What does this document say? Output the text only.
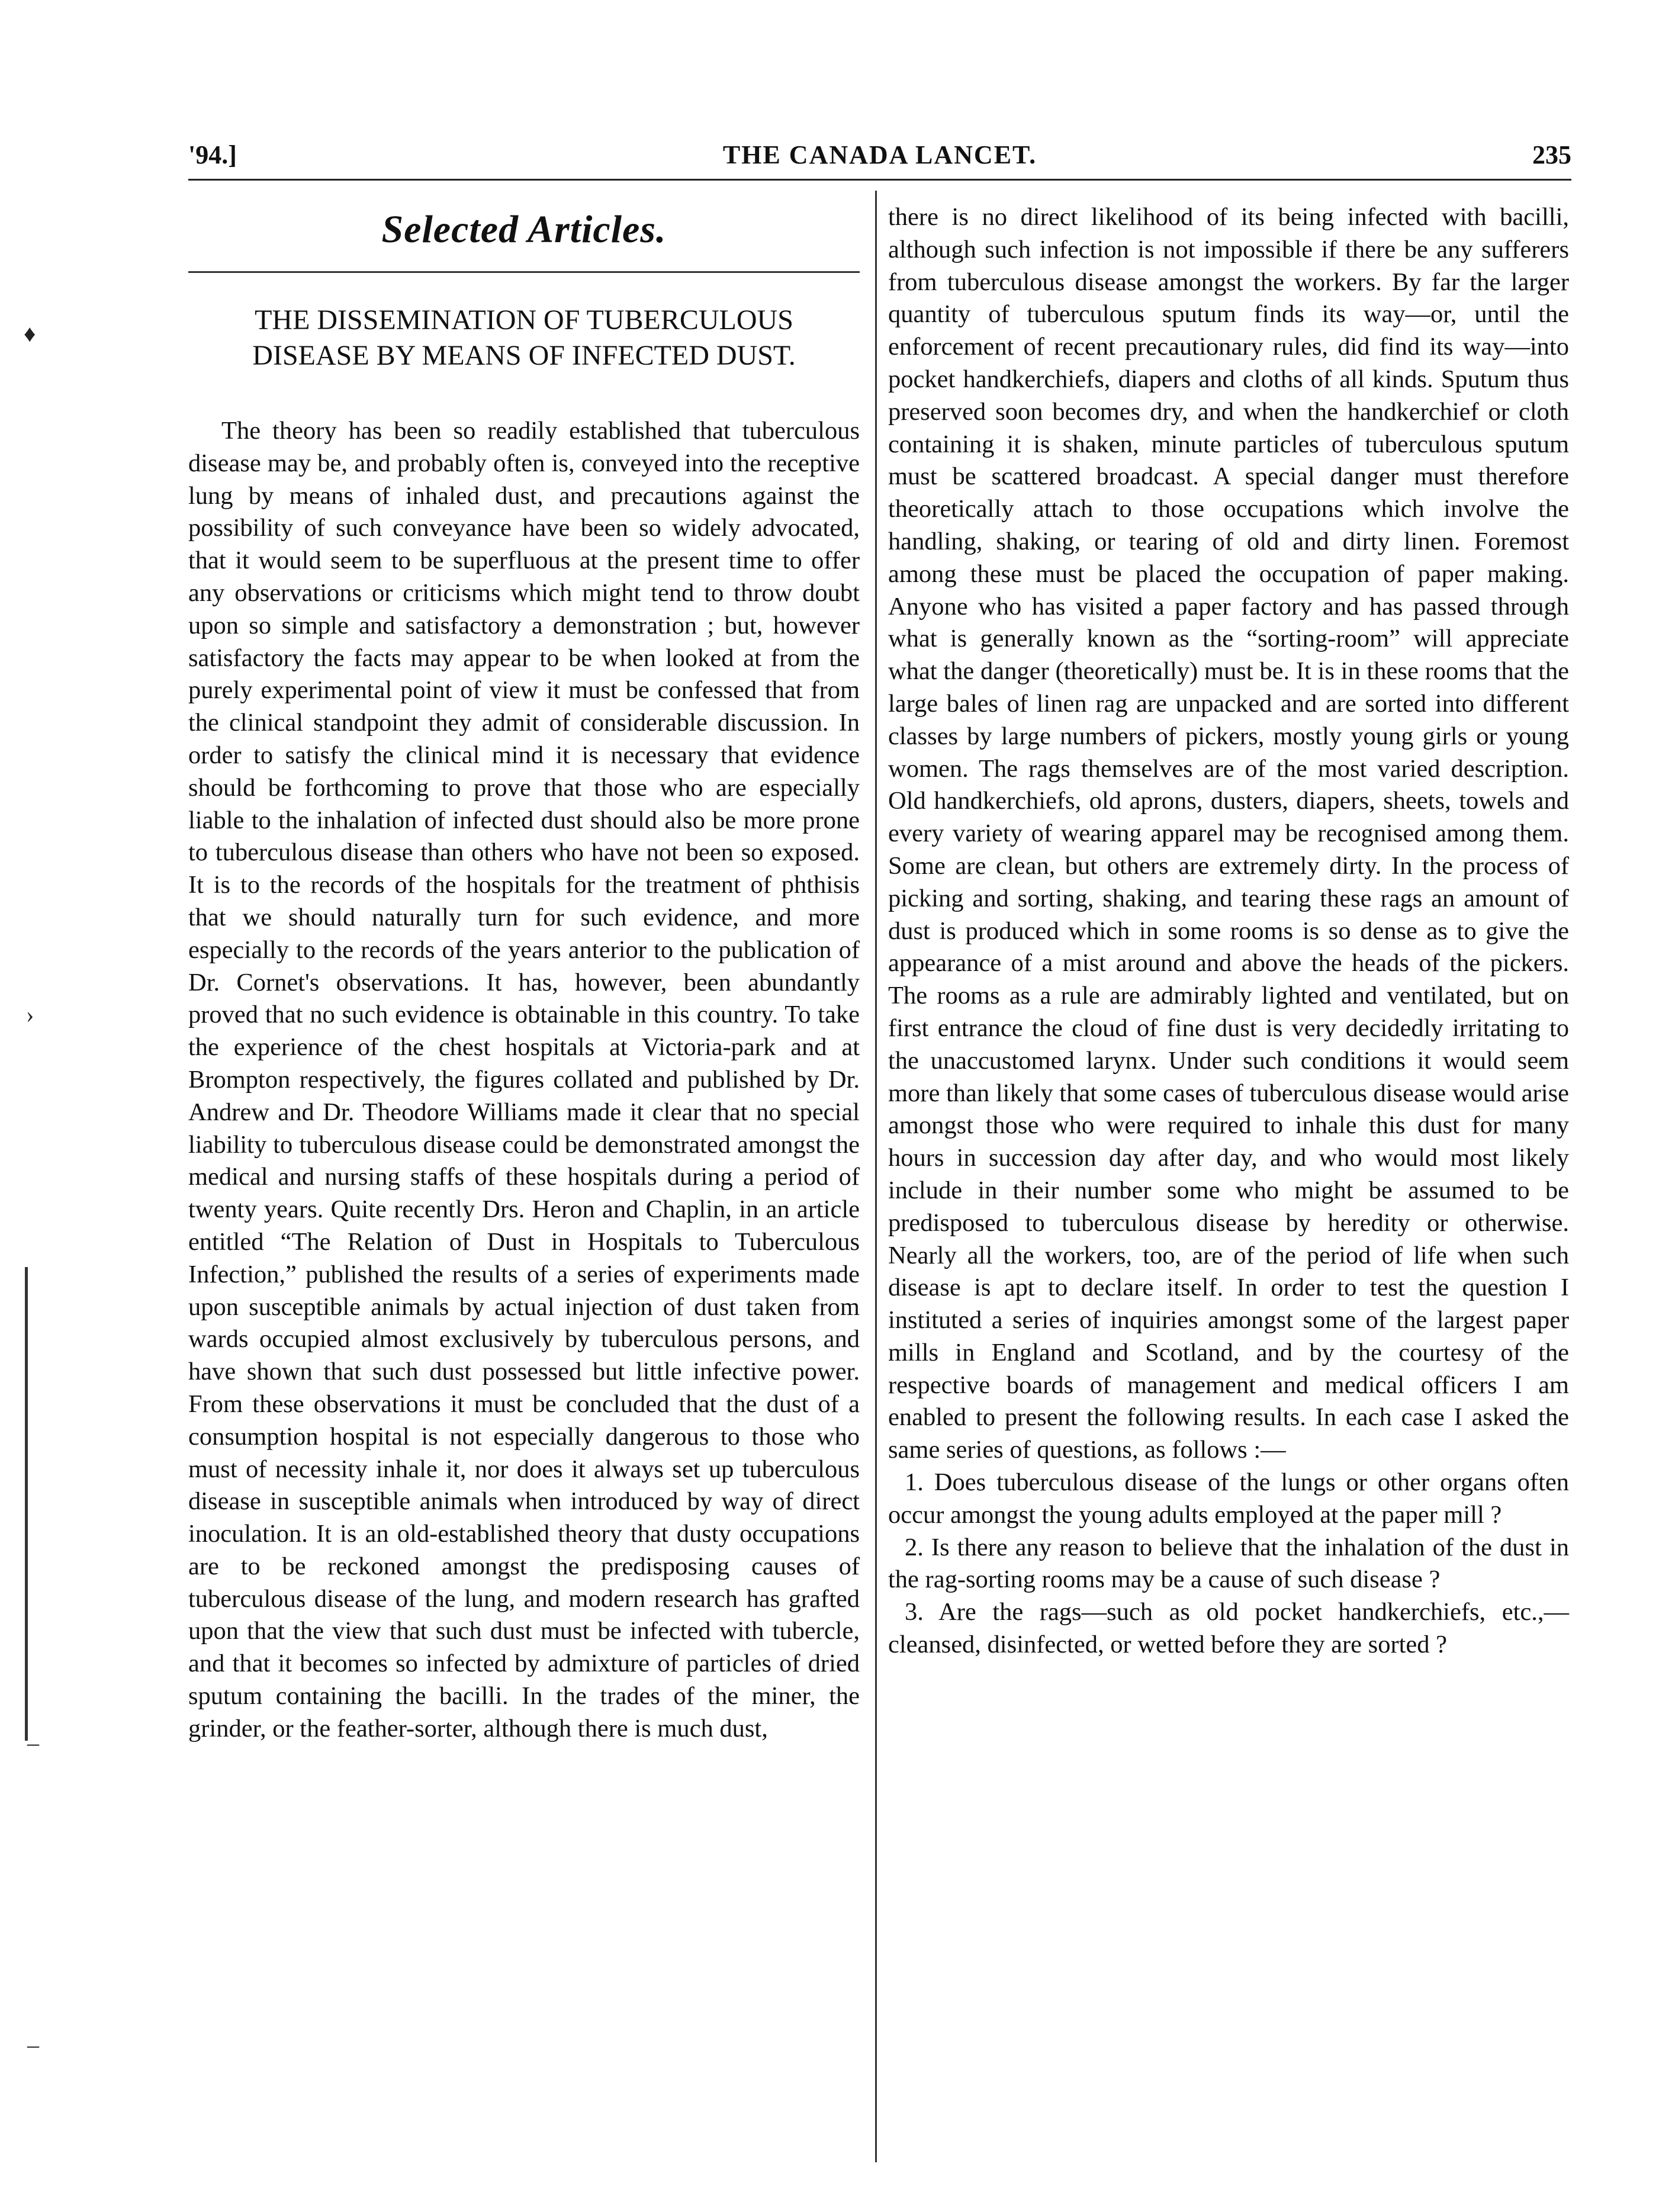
'94.]	THE CANADA LANCET.	235
Selected Articles.
THE DISSEMINATION OF TUBERCULOUS DISEASE BY MEANS OF INFECTED DUST.

The theory has been so readily established that tuberculous disease may be, and probably often is, conveyed into the receptive lung by means of inhaled dust, and precautions against the possibility of such conveyance have been so widely advocated, that it would seem to be superfluous at the present time to offer any observations or criticisms which might tend to throw doubt upon so simple and satisfactory a demonstration ; but, however satisfactory the facts may appear to be when looked at from the purely experimental point of view it must be confessed that from the clinical standpoint they admit of considerable discussion. In order to satisfy the clinical mind it is necessary that evidence should be forthcoming to prove that those who are especially liable to the inhalation of infected dust should also be more prone to tuberculous disease than others who have not been so exposed. It is to the records of the hospitals for the treatment of phthisis that we should naturally turn for such evidence, and more especially to the records of the years anterior to the publication of Dr. Cornet's observations. It has, however, been abundantly proved that no such evidence is obtainable in this country. To take the experience of the chest hospitals at Victoria-park and at Brompton respectively, the figures collated and published by Dr. Andrew and Dr. Theodore Williams made it clear that no special liability to tuberculous disease could be demonstrated amongst the medical and nursing staffs of these hospitals during a period of twenty years. Quite recently Drs. Heron and Chaplin, in an article entitled “The Relation of Dust in Hospitals to Tuberculous Infection,” published the results of a series of experiments made upon susceptible animals by actual injection of dust taken from wards occupied almost exclusively by tuberculous persons, and have shown that such dust possessed but little infective power. From these observations it must be concluded that the dust of a consumption hospital is not especially dangerous to those who must of necessity inhale it, nor does it always set up tuberculous disease in susceptible animals when introduced by way of direct inoculation. It is an old-established theory that dusty occupations are to be reckoned amongst the predisposing causes of tuberculous disease of the lung, and modern research has grafted upon that the view that such dust must be infected with tubercle, and that it becomes so infected by admixture of particles of dried sputum containing the bacilli. In the trades of the miner, the grinder, or the feather-sorter, although there is much dust,

there is no direct likelihood of its being infected with bacilli, although such infection is not impossible if there be any sufferers from tuberculous disease amongst the workers. By far the larger quantity of tuberculous sputum finds its way—or, until the enforcement of recent precautionary rules, did find its way—into pocket handkerchiefs, diapers and cloths of all kinds. Sputum thus preserved soon becomes dry, and when the handkerchief or cloth containing it is shaken, minute particles of tuberculous sputum must be scattered broadcast. A special danger must therefore theoretically attach to those occupations which involve the handling, shaking, or tearing of old and dirty linen. Foremost among these must be placed the occupation of paper making. Anyone who has visited a paper factory and has passed through what is generally known as the “sorting-room” will appreciate what the danger (theoretically) must be. It is in these rooms that the large bales of linen rag are unpacked and are sorted into different classes by large numbers of pickers, mostly young girls or young women. The rags themselves are of the most varied description. Old handkerchiefs, old aprons, dusters, diapers, sheets, towels and every variety of wearing apparel may be recognised among them. Some are clean, but others are extremely dirty. In the process of picking and sorting, shaking, and tearing these rags an amount of dust is produced which in some rooms is so dense as to give the appearance of a mist around and above the heads of the pickers. The rooms as a rule are admirably lighted and ventilated, but on first entrance the cloud of fine dust is very decidedly irritating to the unaccustomed larynx. Under such conditions it would seem more than likely that some cases of tuberculous disease would arise amongst those who were required to inhale this dust for many hours in succession day after day, and who would most likely include in their number some who might be assumed to be predisposed to tuberculous disease by heredity or otherwise. Nearly all the workers, too, are of the period of life when such disease is apt to declare itself. In order to test the question I instituted a series of inquiries amongst some of the largest paper mills in England and Scotland, and by the courtesy of the respective boards of management and medical officers I am enabled to present the following results. In each case I asked the same series of questions, as follows :—

1. Does tuberculous disease of the lungs or other organs often occur amongst the young adults employed at the paper mill ?

2. Is there any reason to believe that the inhalation of the dust in the rag-sorting rooms may be a cause of such disease ?

3. Are the rags—such as old pocket handkerchiefs, etc.,—cleansed, disinfected, or wetted before they are sorted ?

♦
›
–
–
